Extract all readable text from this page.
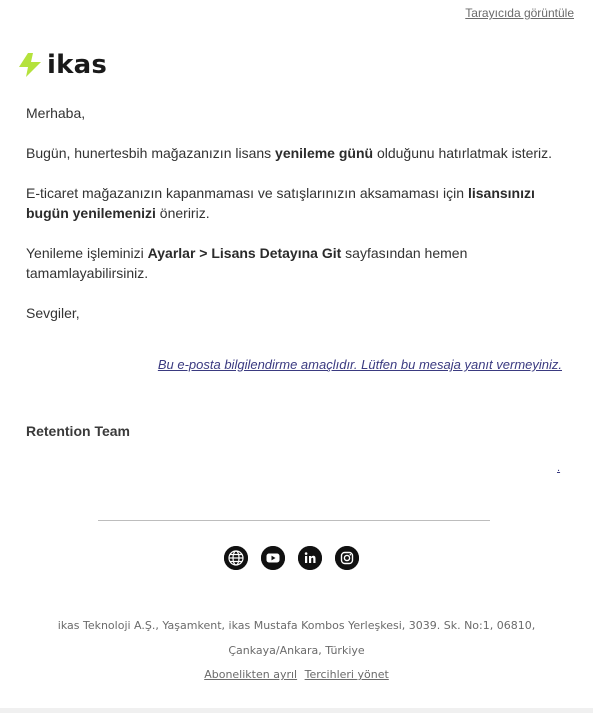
Tarayıcıda görüntüle
ikas

Merhaba,

Bugün, hunertesbih mağazanızın lisans yenileme günü olduğunu hatırlatmak isteriz.

E-ticaret mağazanızın kapanmaması ve satışlarınızın aksamaması için lisansınızı bugün yenilemenizi öneririz.

Yenileme işleminizi Ayarlar > Lisans Detayına Git sayfasından hemen tamamlayabilirsiniz.

Sevgiler,

Bu e-posta bilgilendirme amaçlıdır. Lütfen bu mesaja yanıt vermeyiniz.
Retention Team
.
ikas Teknoloji A.Ş., Yaşamkent, ikas Mustafa Kombos Yerleşkesi, 3039. Sk. No:1, 06810,
Çankaya/Ankara, Türkiye
Abonelikten ayrıl Tercihleri yönet
